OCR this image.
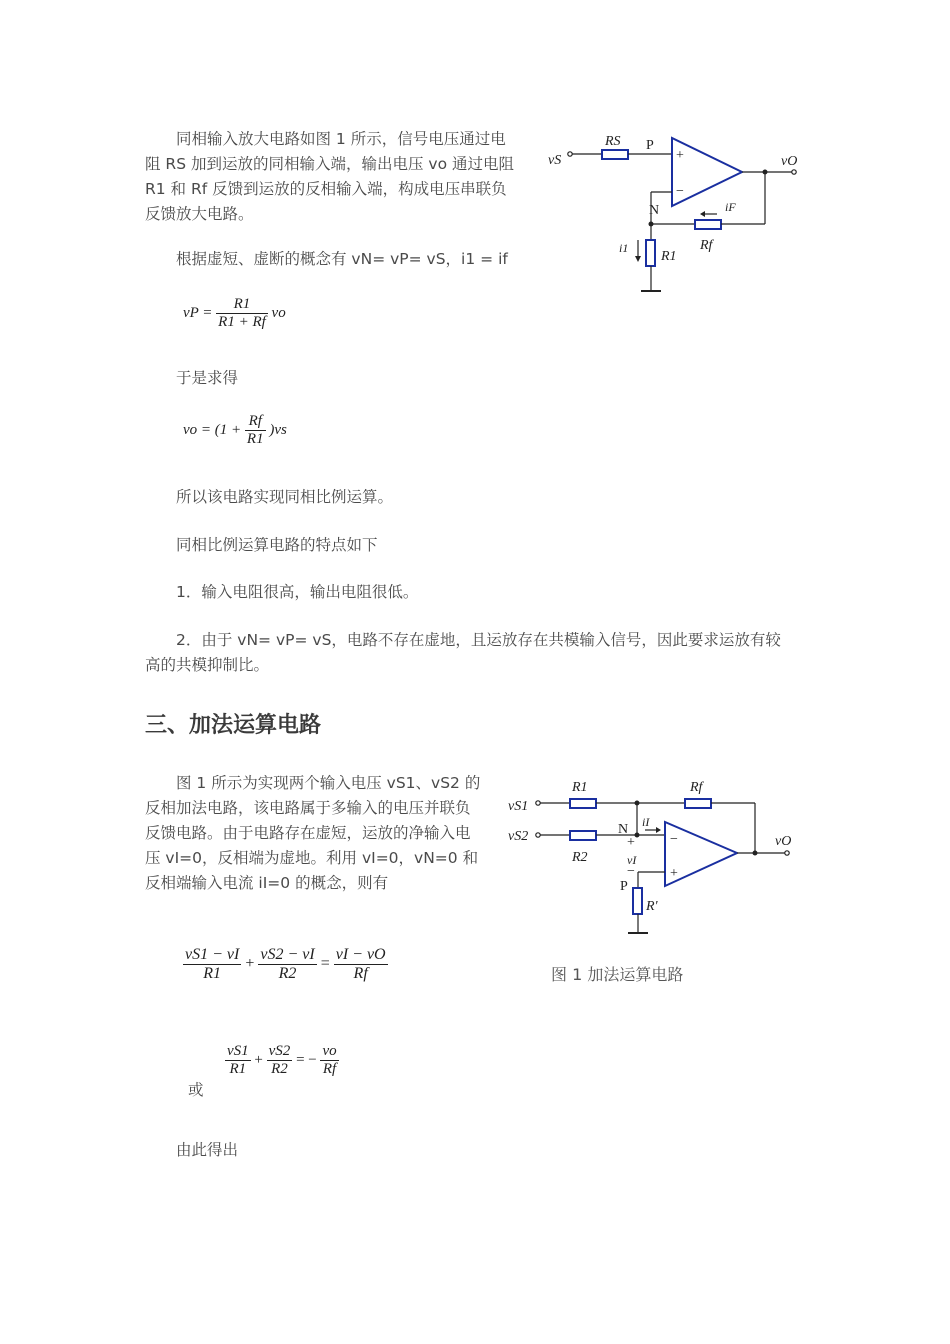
同相输入放大电路如图 1 所示，信号电压通过电阻 RS 加到运放的同相输入端，输出电压 vo 通过电阻 R1 和 Rf 反馈到运放的反相输入端，构成电压串联负反馈放大电路。

根据虚短、虚断的概念有 vN= vP= vS，i1 = if

vP = $\frac{R1}{R1 + Rf}$ vo

于是求得

vo = $(1 + \frac{Rf}{R1} )vs$

所以该电路实现同相比例运算。

同相比例运算电路的特点如下

1．输入电阻很高，输出电阻很低。

2．由于 vN= vP= vS，电路不存在虚地，且运放存在共模输入信号，因此要求运放有较高的共模抑制比。

vS
RS P
+
−
vO
N	iF
Rf
i1
R1
三、加法运算电路

图 1 所示为实现两个输入电压 vS1、vS2 的反相加法电路，该电路属于多输入的电压并联负反馈电路。由于电路存在虚短，运放的净输入电压 vI=0，反相端为虚地。利用 vI=0，vN=0 和反相端输入电流 iI=0 的概念，则有

$\frac{vS1 - vI}{R1} + \frac{vS2 - vI}{R2} = \frac{vI - vO}{Rf}$

或

$\frac{vS1}{R1} + \frac{vS2}{R2}$ = − $\frac{vo}{Rf}$

由此得出

vS1
vS2
R1	Rf
R2
N iI
−
+
+
vI
−
P
R'
vO

图 1 加法运算电路
